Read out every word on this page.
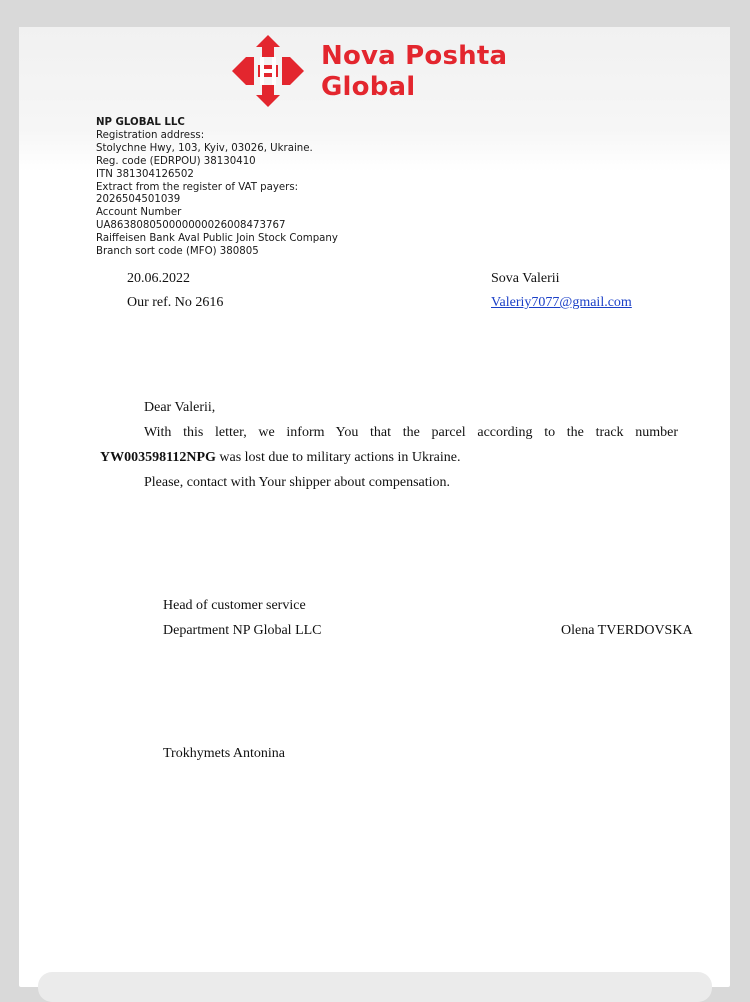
Nova Poshta
Global
NP GLOBAL LLC
Registration address:
Stolychne Hwy, 103, Kyiv, 03026, Ukraine.
Reg. code (EDRPOU) 38130410
ITN 381304126502
Extract from the register of VAT payers:
2026504501039
Account Number
UA863808050000000026008473767
Raiffeisen Bank Aval Public Join Stock Company
Branch sort code (MFO) 380805
20.06.2022
Our ref. No 2616
Sova Valerii
Valeriy7077@gmail.com
Dear Valerii,
With this letter, we inform You that the parcel according to the track number YW003598112NPG was lost due to military actions in Ukraine.
Please, contact with Your shipper about compensation.
Head of customer service
Department NP Global LLC	Olena TVERDOVSKA
Trokhymets Antonina
